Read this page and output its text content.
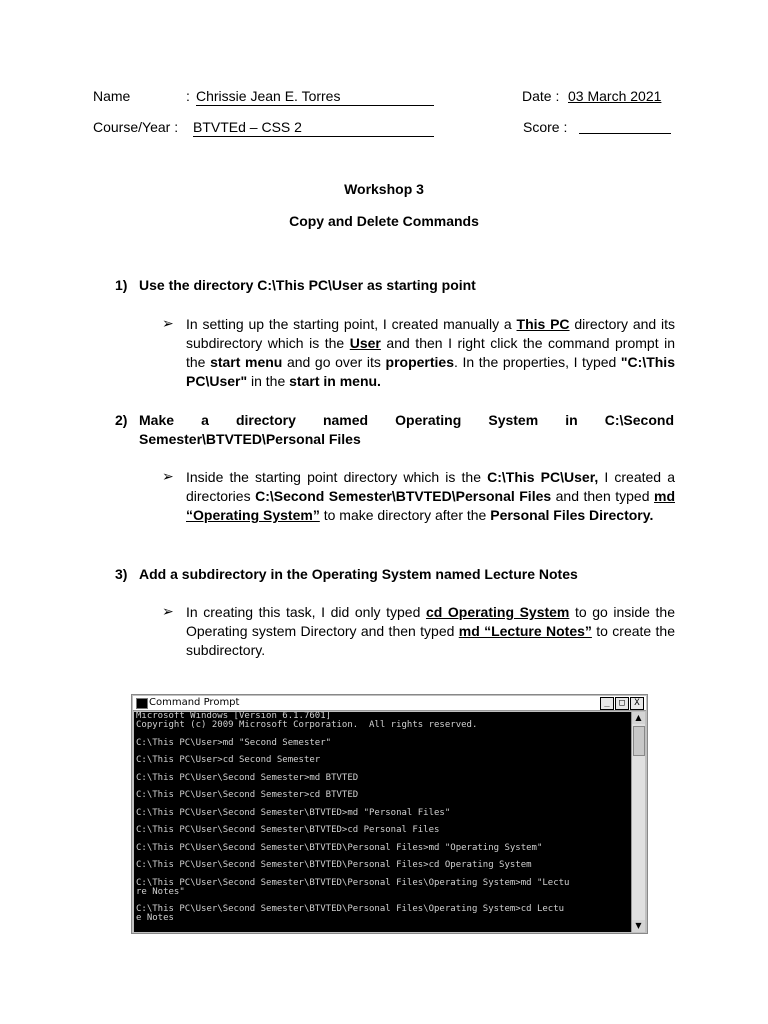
Name	: Chrissie Jean E. Torres	Date : 03 March 2021
Course/Year : BTVTEd – CSS 2	Score :
Workshop 3
Copy and Delete Commands
1) Use the directory C:\This PC\User as starting point
➢ In setting up the starting point, I created manually a This PC directory and its subdirectory which is the User and then I right click the command prompt in the start menu and go over its properties. In the properties, I typed "C:\This PC\User" in the start in menu.
2) Make a directory named Operating System in C:\Second
Semester\BTVTED\Personal Files
➢ Inside the starting point directory which is the C:\This PC\User, I created a directories C:\Second Semester\BTVTED\Personal Files and then typed md “Operating System” to make directory after the Personal Files Directory.
3) Add a subdirectory in the Operating System named Lecture Notes
➢ In creating this task, I did only typed cd Operating System to go inside the Operating system Directory and then typed md “Lecture Notes” to create the subdirectory.
Command Prompt	_ □ X
Microsoft Windows [Version 6.1.7601]
Copyright (c) 2009 Microsoft Corporation.  All rights reserved.
C:\This PC\User>md "Second Semester"
C:\This PC\User>cd Second Semester
C:\This PC\User\Second Semester>md BTVTED
C:\This PC\User\Second Semester>cd BTVTED
C:\This PC\User\Second Semester\BTVTED>md "Personal Files"
C:\This PC\User\Second Semester\BTVTED>cd Personal Files
C:\This PC\User\Second Semester\BTVTED\Personal Files>md "Operating System"
C:\This PC\User\Second Semester\BTVTED\Personal Files>cd Operating System
C:\This PC\User\Second Semester\BTVTED\Personal Files\Operating System>md "Lectu
re Notes"
C:\This PC\User\Second Semester\BTVTED\Personal Files\Operating System>cd Lectu
e Notes
▲
▼
